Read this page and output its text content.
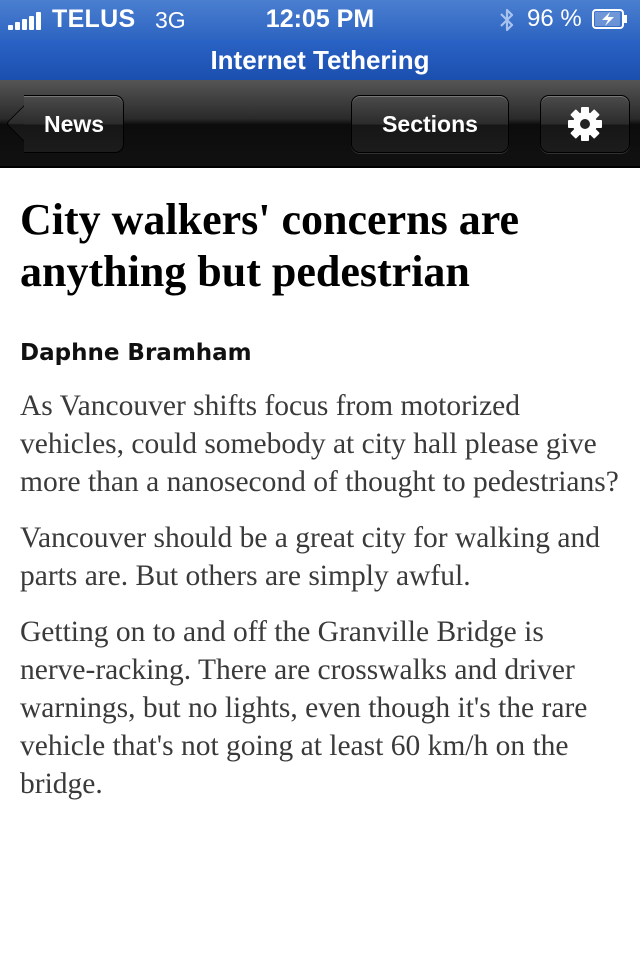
TELUS 3G	12:05 PM	96 %
Internet Tethering
News	Sections
City walkers' concerns are anything but pedestrian
Daphne Bramham

As Vancouver shifts focus from motorized vehicles, could somebody at city hall please give more than a nanosecond of thought to pedestrians?

Vancouver should be a great city for walking and parts are. But others are simply awful.

Getting on to and off the Granville Bridge is nerve-racking. There are crosswalks and driver warnings, but no lights, even though it's the rare vehicle that's not going at least 60 km/h on the bridge.
